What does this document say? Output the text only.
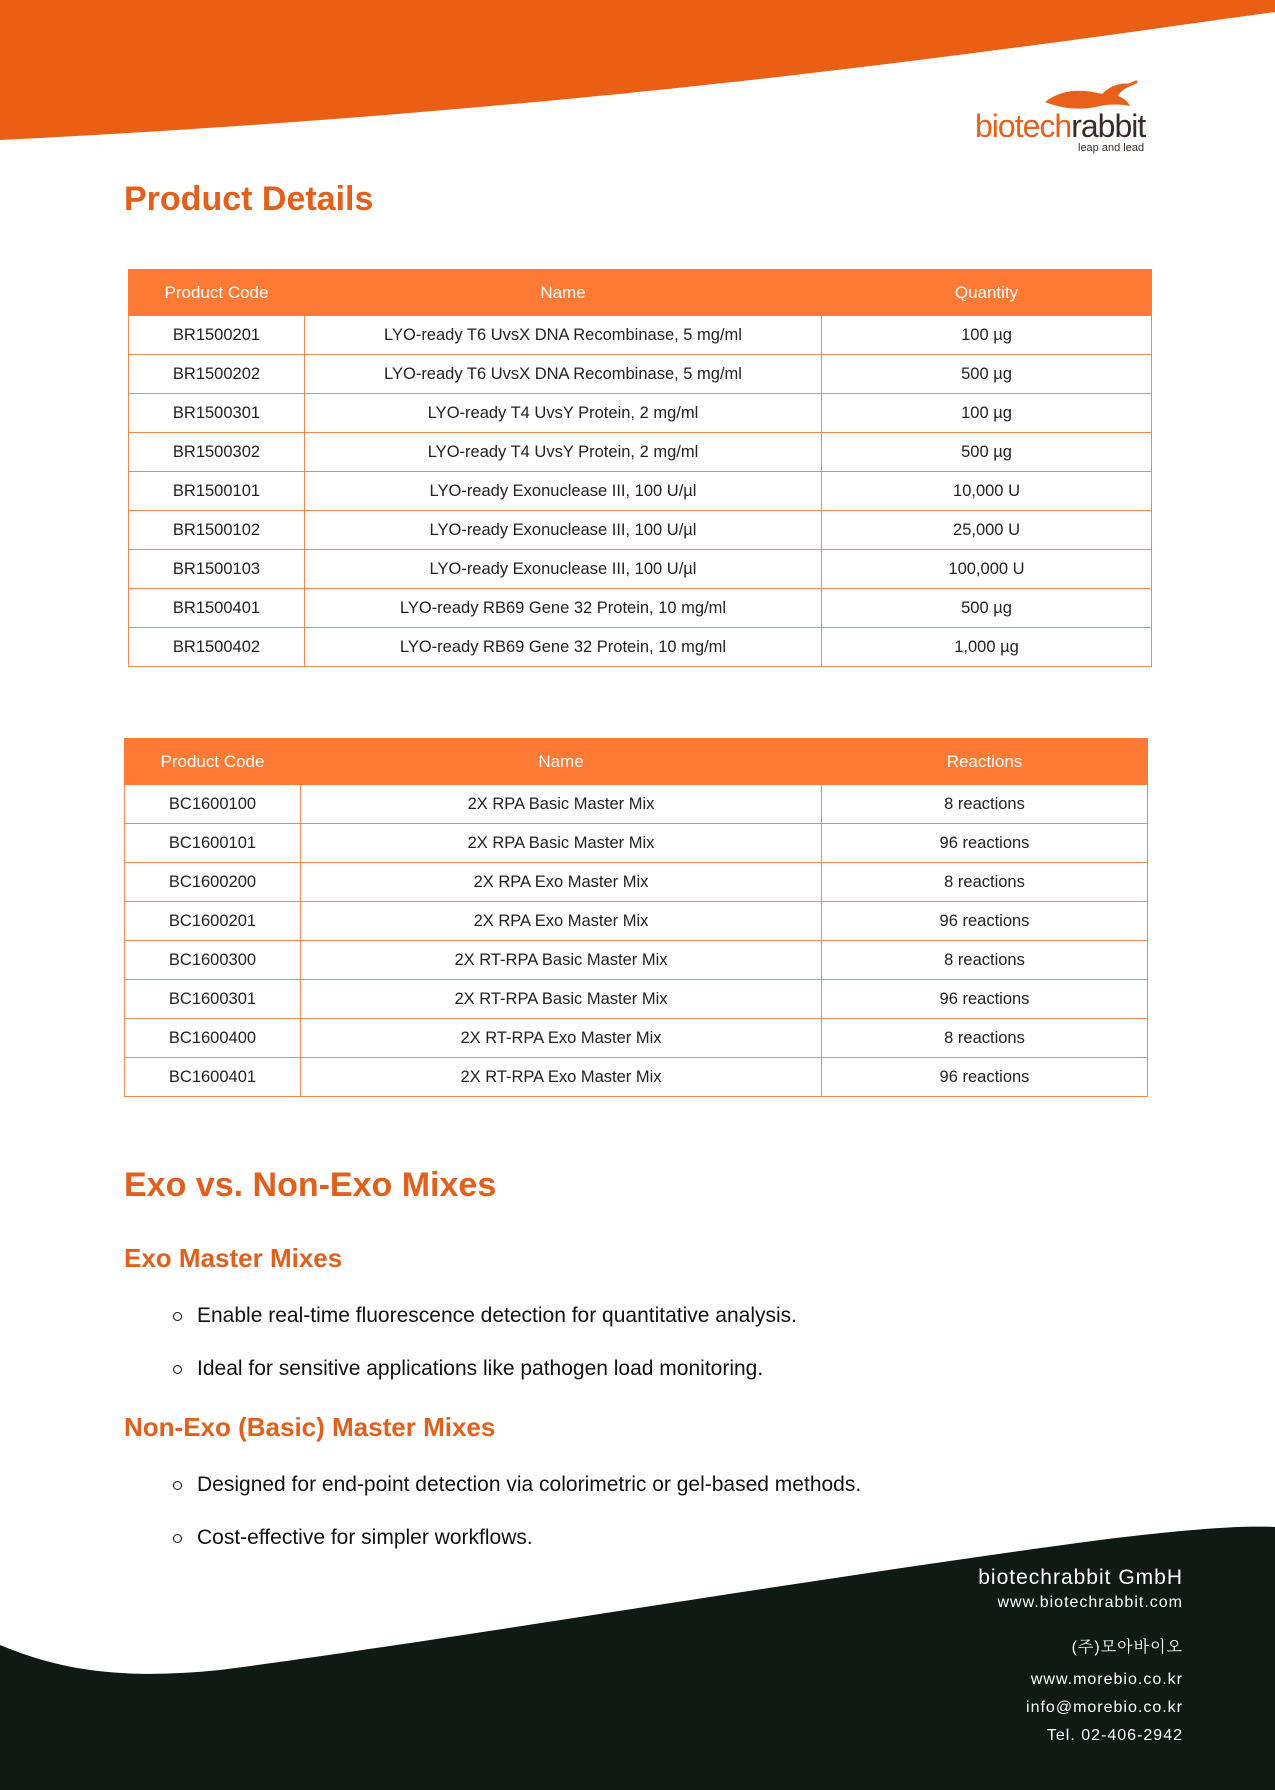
biotechrabbit
leap and lead
Product Details
Product Code	Name	Quantity
BR1500201	LYO-ready T6 UvsX DNA Recombinase, 5 mg/ml	100 µg
BR1500202	LYO-ready T6 UvsX DNA Recombinase, 5 mg/ml	500 µg
BR1500301	LYO-ready T4 UvsY Protein, 2 mg/ml	100 µg
BR1500302	LYO-ready T4 UvsY Protein, 2 mg/ml	500 µg
BR1500101	LYO-ready Exonuclease III, 100 U/µl	10,000 U
BR1500102	LYO-ready Exonuclease III, 100 U/µl	25,000 U
BR1500103	LYO-ready Exonuclease III, 100 U/µl	100,000 U
BR1500401	LYO-ready RB69 Gene 32 Protein, 10 mg/ml	500 µg
BR1500402	LYO-ready RB69 Gene 32 Protein, 10 mg/ml	1,000 µg
Product Code	Name	Reactions
BC1600100	2X RPA Basic Master Mix	8 reactions
BC1600101	2X RPA Basic Master Mix	96 reactions
BC1600200	2X RPA Exo Master Mix	8 reactions
BC1600201	2X RPA Exo Master Mix	96 reactions
BC1600300	2X RT-RPA Basic Master Mix	8 reactions
BC1600301	2X RT-RPA Basic Master Mix	96 reactions
BC1600400	2X RT-RPA Exo Master Mix	8 reactions
BC1600401	2X RT-RPA Exo Master Mix	96 reactions
Exo vs. Non-Exo Mixes
Exo Master Mixes
Enable real-time fluorescence detection for quantitative analysis.
Ideal for sensitive applications like pathogen load monitoring.
Non-Exo (Basic) Master Mixes
Designed for end-point detection via colorimetric or gel-based methods.
Cost-effective for simpler workflows.
biotechrabbit GmbH
www.biotechrabbit.com
(주)모아바이오
www.morebio.co.kr
info@morebio.co.kr
Tel. 02-406-2942
